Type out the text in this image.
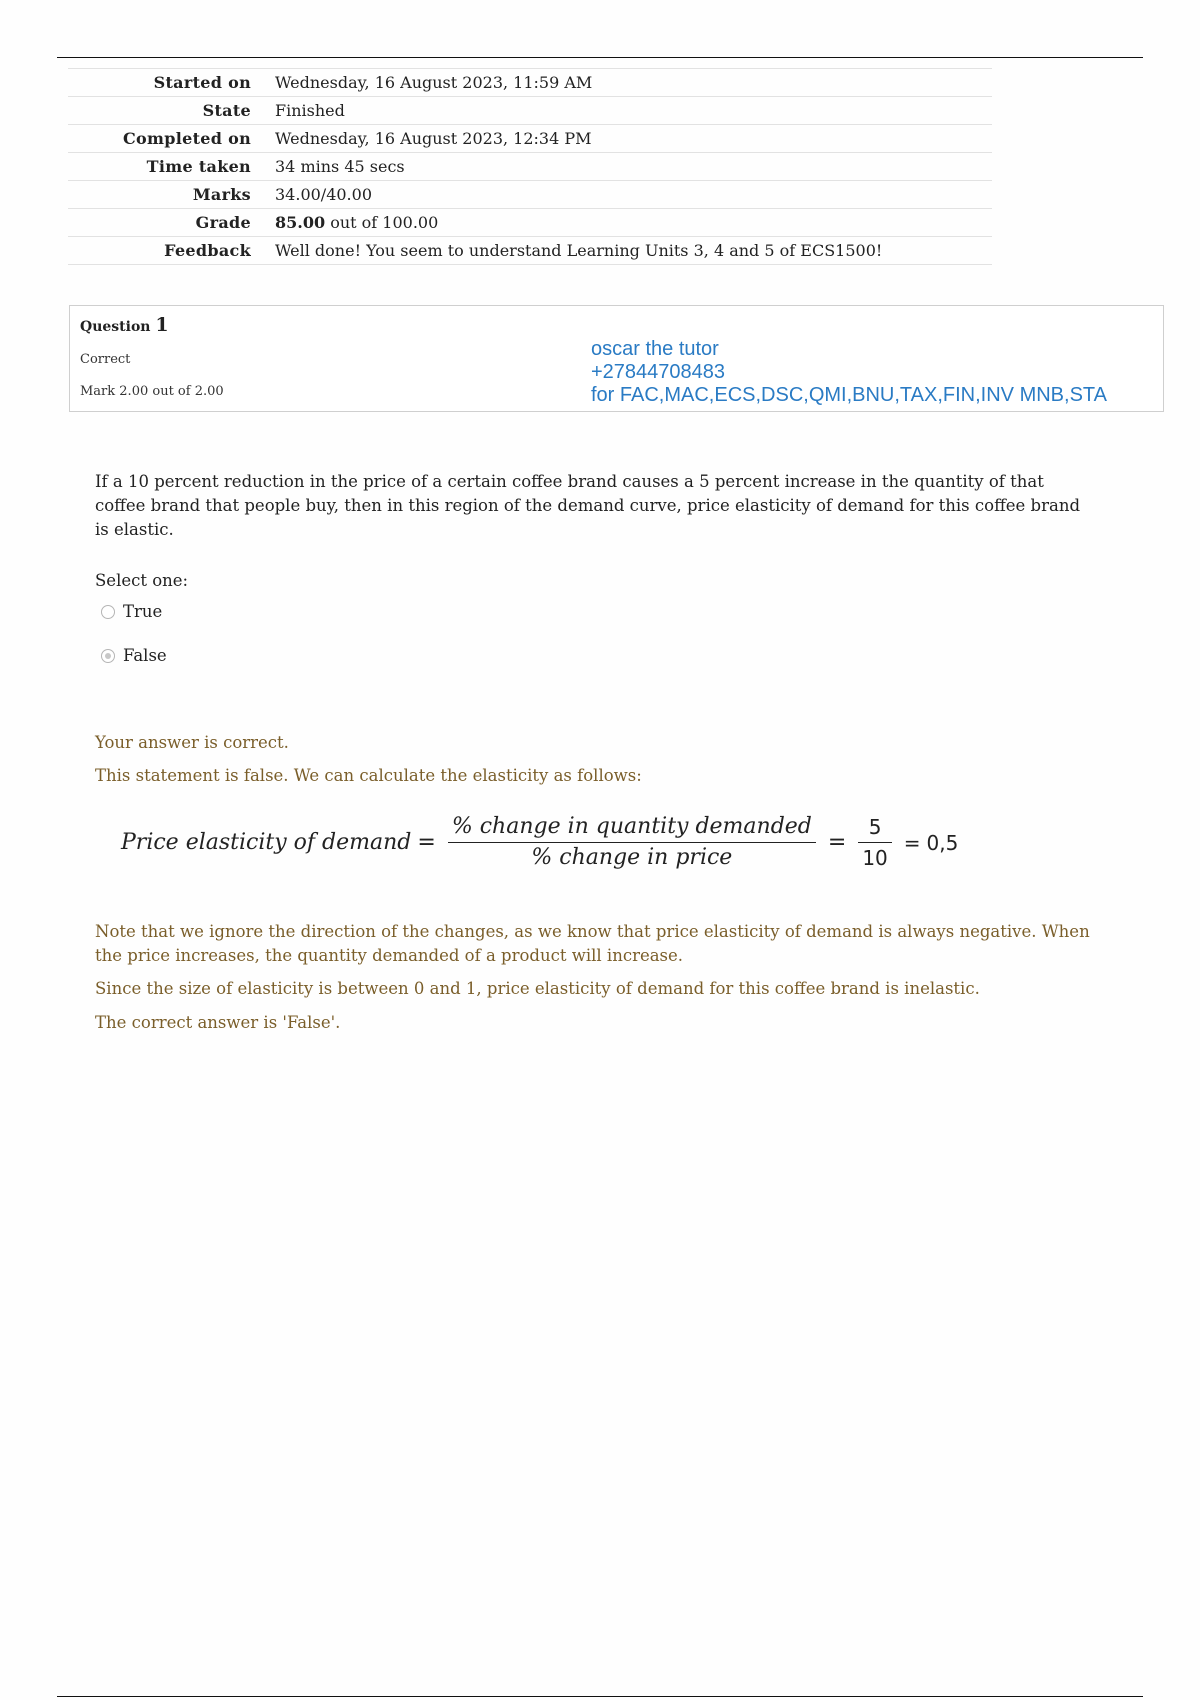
Started on	Wednesday, 16 August 2023, 11:59 AM
State	Finished
Completed on	Wednesday, 16 August 2023, 12:34 PM
Time taken	34 mins 45 secs
Marks	34.00/40.00
Grade	85.00 out of 100.00
Feedback	Well done! You seem to understand Learning Units 3, 4 and 5 of ECS1500!
Question 1
Correct
Mark 2.00 out of 2.00
oscar the tutor
+27844708483
for FAC,MAC,ECS,DSC,QMI,BNU,TAX,FIN,INV MNB,STA
If a 10 percent reduction in the price of a certain coffee brand causes a 5 percent increase in the quantity of that coffee brand that people buy, then in this region of the demand curve, price elasticity of demand for this coffee brand is elastic.
Select one:
True
False
Your answer is correct.
This statement is false. We can calculate the elasticity as follows:
Price elasticity of demand = $\frac{\text{\% change in quantity demanded}}{\text{\% change in price}} = \frac{5}{10} = 0,5$
Note that we ignore the direction of the changes, as we know that price elasticity of demand is always negative. When the price increases, the quantity demanded of a product will increase.
Since the size of elasticity is between 0 and 1, price elasticity of demand for this coffee brand is inelastic.
The correct answer is 'False'.
